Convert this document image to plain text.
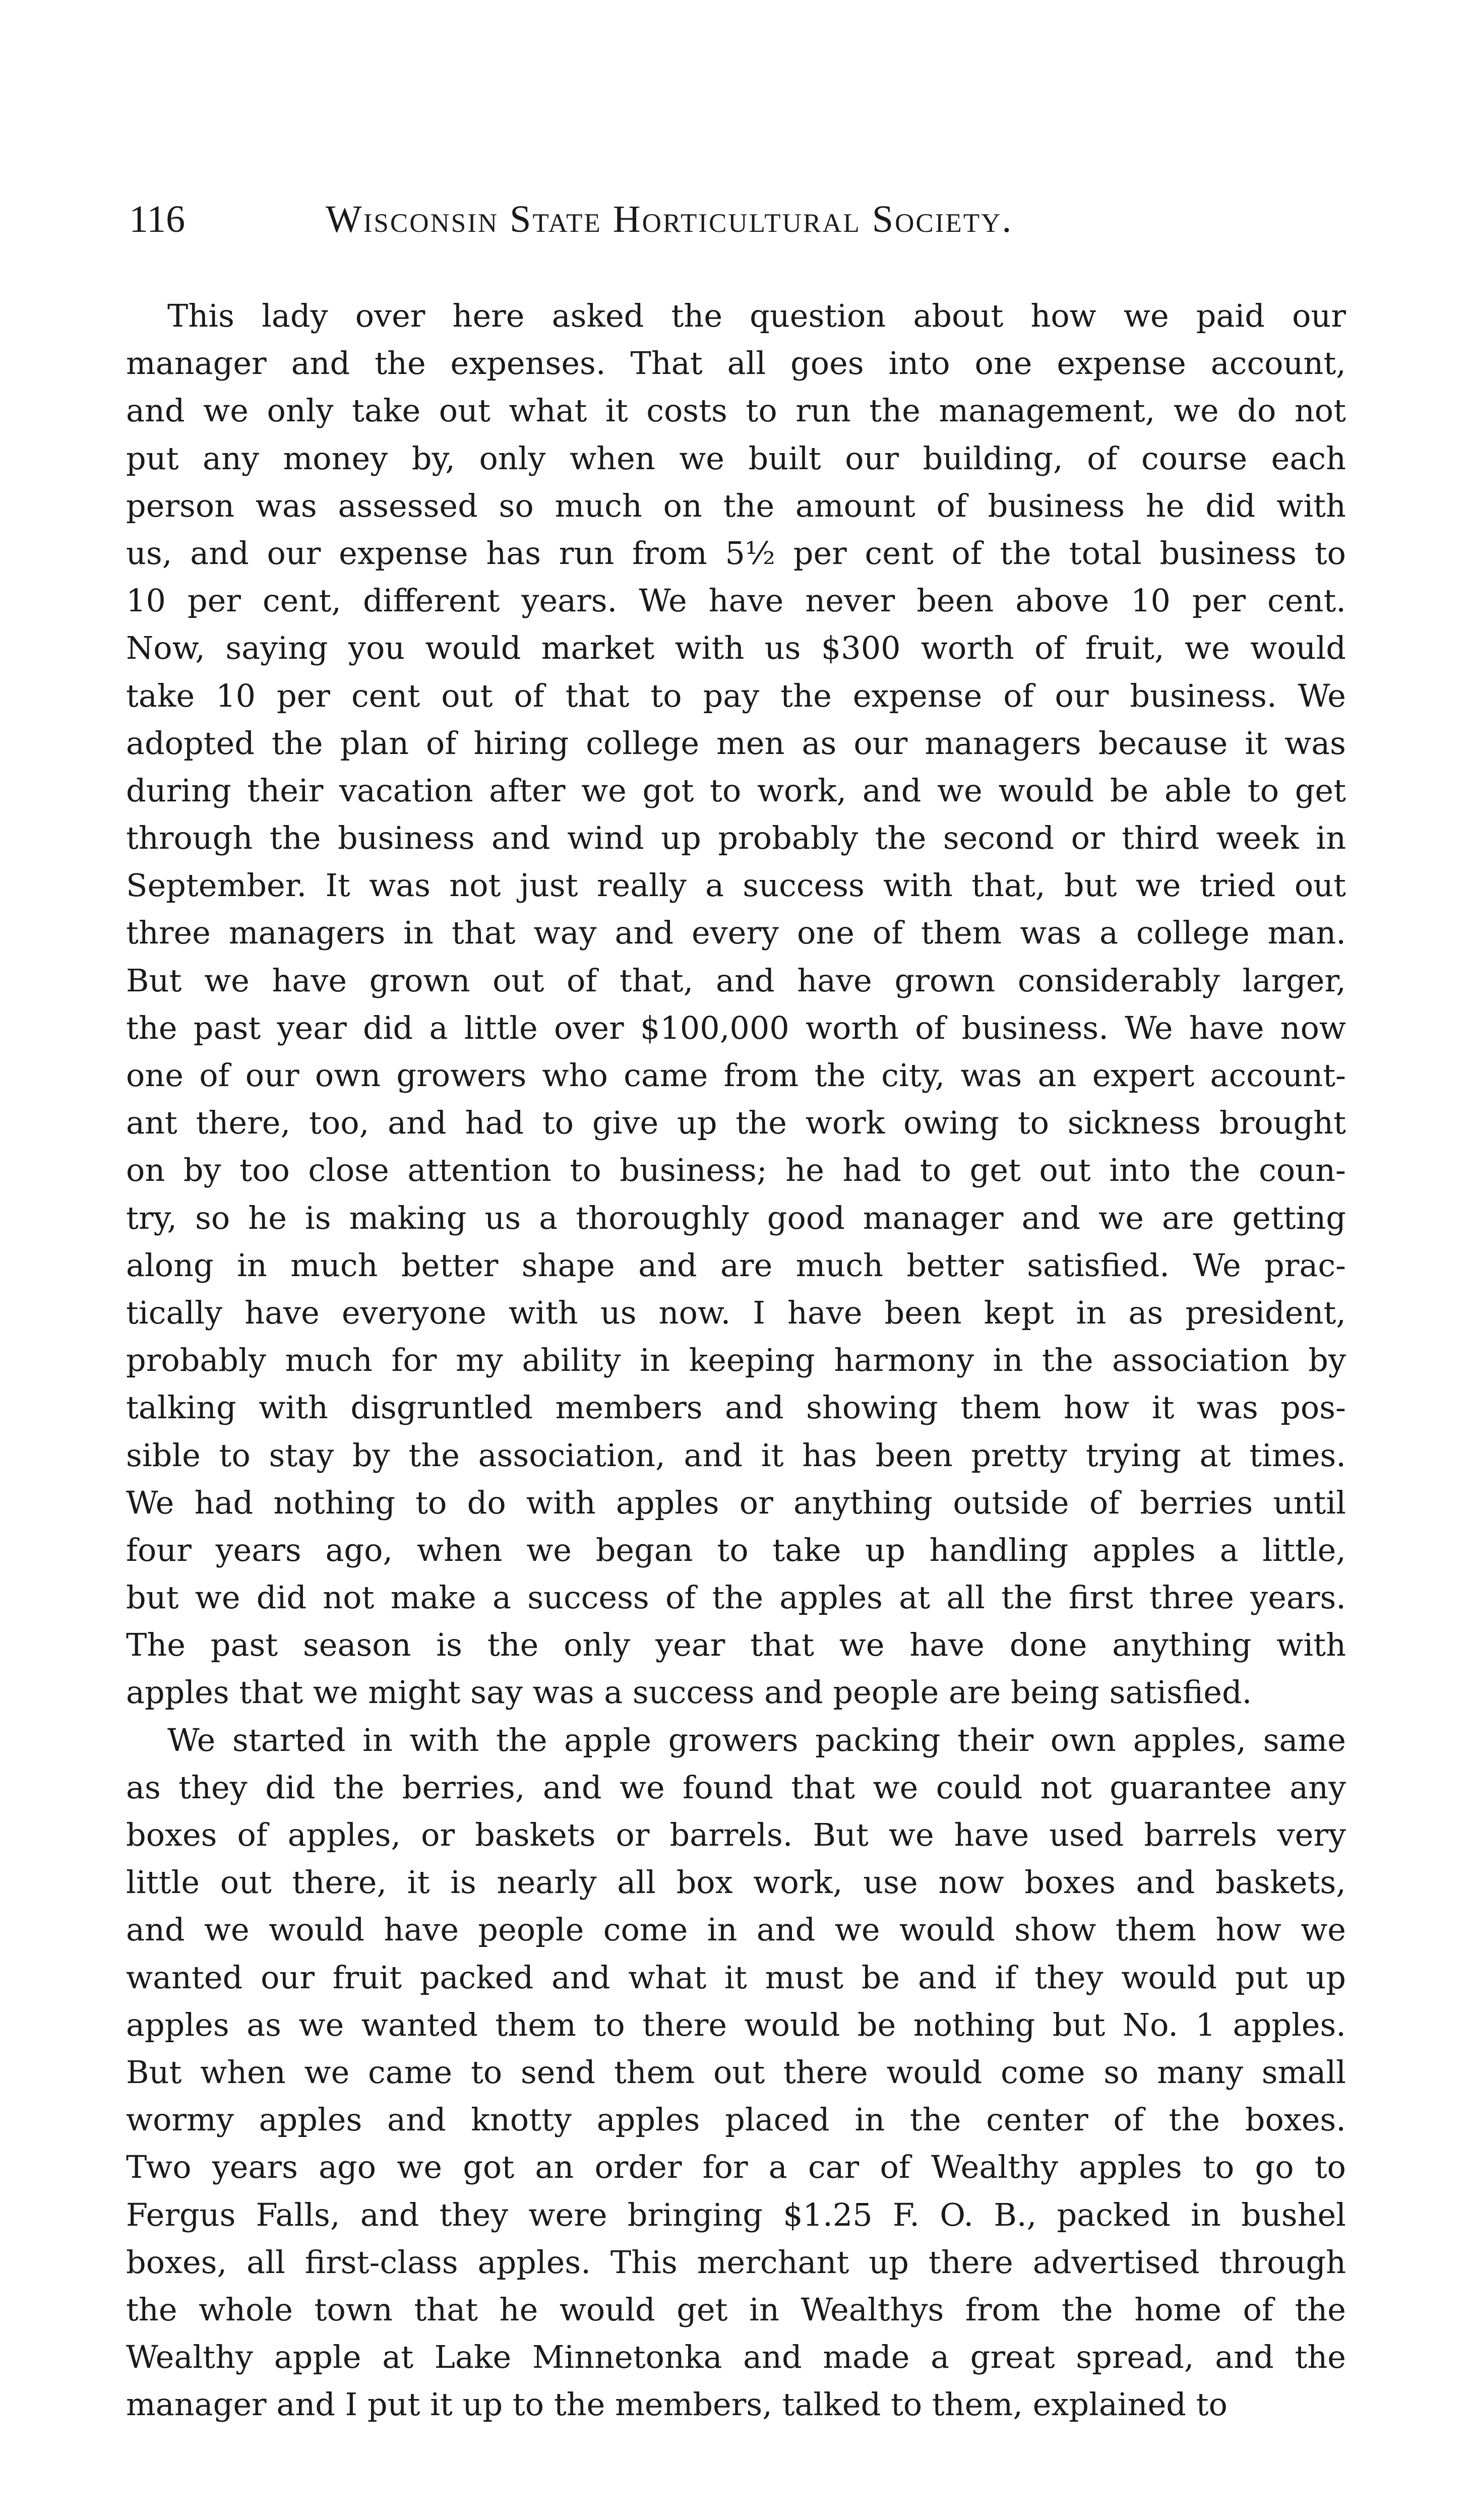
116	Wisconsin State Horticultural Society.
This lady over here asked the question about how we paid our
manager and the expenses. That all goes into one expense account,
and we only take out what it costs to run the management, we do not
put any money by, only when we built our building, of course each
person was assessed so much on the amount of business he did with
us, and our expense has run from 5½ per cent of the total business to
10 per cent, different years. We have never been above 10 per cent.
Now, saying you would market with us $300 worth of fruit, we would
take 10 per cent out of that to pay the expense of our business. We
adopted the plan of hiring college men as our managers because it was
during their vacation after we got to work, and we would be able to get
through the business and wind up probably the second or third week in
September. It was not just really a success with that, but we tried out
three managers in that way and every one of them was a college man.
But we have grown out of that, and have grown considerably larger,
the past year did a little over $100,000 worth of business. We have now
one of our own growers who came from the city, was an expert account-
ant there, too, and had to give up the work owing to sickness brought
on by too close attention to business; he had to get out into the coun-
try, so he is making us a thoroughly good manager and we are getting
along in much better shape and are much better satisfied. We prac-
tically have everyone with us now. I have been kept in as president,
probably much for my ability in keeping harmony in the association by
talking with disgruntled members and showing them how it was pos-
sible to stay by the association, and it has been pretty trying at times.
We had nothing to do with apples or anything outside of berries until
four years ago, when we began to take up handling apples a little,
but we did not make a success of the apples at all the first three years.
The past season is the only year that we have done anything with
apples that we might say was a success and people are being satisfied.
We started in with the apple growers packing their own apples, same
as they did the berries, and we found that we could not guarantee any
boxes of apples, or baskets or barrels. But we have used barrels very
little out there, it is nearly all box work, use now boxes and baskets,
and we would have people come in and we would show them how we
wanted our fruit packed and what it must be and if they would put up
apples as we wanted them to there would be nothing but No. 1 apples.
But when we came to send them out there would come so many small
wormy apples and knotty apples placed in the center of the boxes.
Two years ago we got an order for a car of Wealthy apples to go to
Fergus Falls, and they were bringing $1.25 F. O. B., packed in bushel
boxes, all first-class apples. This merchant up there advertised through
the whole town that he would get in Wealthys from the home of the
Wealthy apple at Lake Minnetonka and made a great spread, and the
manager and I put it up to the members, talked to them, explained to
